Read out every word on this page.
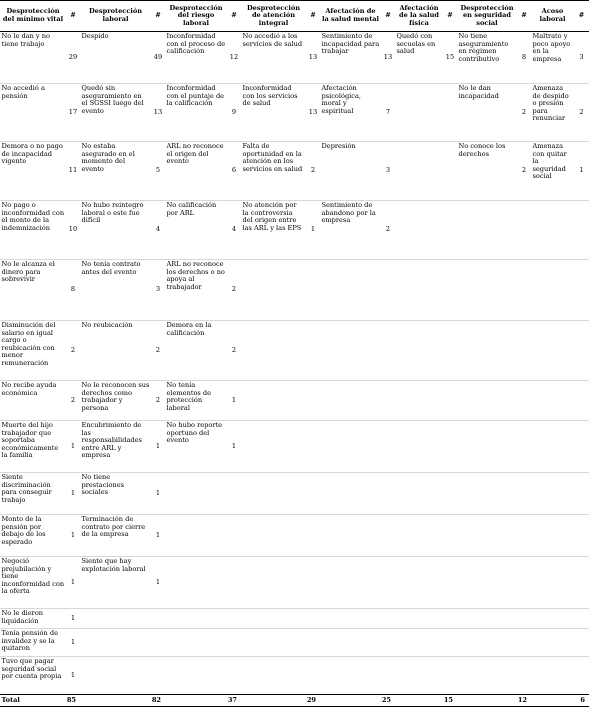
Desprotección del mínimo vital	#	Desprotección laboral	#	Desprotección del riesgo laboral	#	Desprotección de atención integral	#	Afectación de la salud mental	#	Afectación de la salud física	#	Desprotección en seguridad social	#	Acoso laboral	#
No le dan y no tiene trabajo	29	Despido	49	Inconformidad con el proceso de calificación	12	No accedió a los servicios de salud	13	Sentimiento de incapacidad para trabajar	13	Quedó con secuelas en salud	15	No tiene aseguramiento en régimen contributivo	8	Maltrato y poco apoyo en la empresa	3
No accedió a pensión	17	Quedó sin aseguramiento en el SGSSI luego del evento	13	Inconformidad con el puntaje de la calificación	9	Inconformidad con los servicios de salud	13	Afectación psicológica, moral y espiritual	7			No le dan incapacidad	2	Amenaza de despido o presión para renunciar	2
Demora o no pago de incapacidad vigente	11	No estaba asegurado en el momento del evento	5	ARL no reconoce el origen del evento	6	Falta de oportunidad en la atención en los servicios en salud	2	Depresión	3			No conoce los derechos	2	Amenaza con quitar la seguridad social	1
No pago o inconformidad con el monto de la indemnización	10	No hubo reintegro laboral o este fue difícil	4	No calificación por ARL	4	No atención por la controversia del origen entre las ARL y las EPS	1	Sentimiento de abandono por la empresa	2						
No le alcanza el dinero para sobrevivir	8	No tenía contrato antes del evento	3	ARL no reconoce los derechos o no apoya al trabajador	2										
Disminución del salario en igual cargo o reubicación con menor remuneración	2	No reubicación	2	Demora en la calificación	2										
No recibe ayuda económica	2	No le reconocen sus derechos como trabajador y persona	2	No tenía elementos de protección laboral	1										
Muerte del hijo trabajador que soportaba económicamente la familia	1	Encubrimiento de las responsabilidades entre ARL y empresa	1	No hubo reporte oportuno del evento	1										
Siente discriminación para conseguir trabajo	1	No tiene prestaciones sociales	1												
Monto de la pensión por debajo de los esperado	1	Terminación de contrato por cierre de la empresa	1												
Negoció prejubilación y tiene inconformidad con la oferta	1	Siente que hay explotación laboral	1												
No le dieron liquidación	1														
Tenía pensión de invalidez y se la quitaron	1														
Tuvo que pagar seguridad social por cuenta propia	1														
Total	85		82		37		29		25		15		12		6
